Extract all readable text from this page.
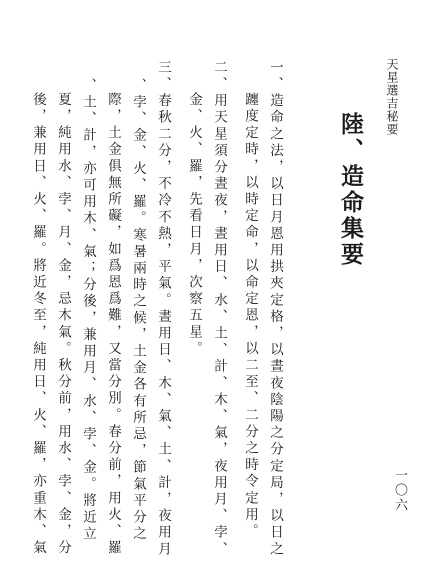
天星選吉秘要
陸、造命集要
一、造命之法，以日月恩用拱夾定格，以晝夜陰陽之分定局，以日之
躔度定時，以時定命，以命定恩，以二至、二分之時令定用。
二、用天星須分晝夜，晝用日、水、土、計、木、氣，夜用月、孛、
金、火、羅，先看日月，次察五星。
三、春秋二分，不冷不熱，平氣。晝用日、木、氣、土、計，夜用月
、孛、金、火、羅。寒暑兩時之候，土金各有所忌，節氣平分之
際，土金俱無所礙，如爲恩爲難，又當分別。春分前，用火、羅
、土、計，亦可用木、氣；分後，兼用月、水、孛、金。將近立
夏，純用水、孛、月、金，忌木氣。秋分前，用水、孛、金，分
後，兼用日、火、羅。將近冬至，純用日、火、羅，亦重木、氣	一〇六
